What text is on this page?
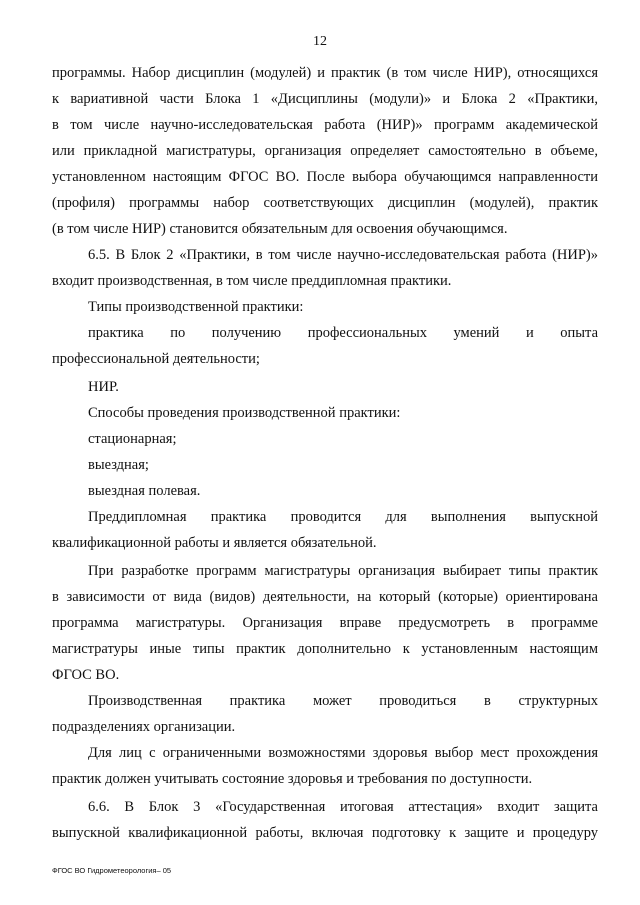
12
программы. Набор дисциплин (модулей) и практик (в том числе НИР), относящихся
к вариативной части Блока 1 «Дисциплины (модули)» и Блока 2 «Практики,
в том числе научно-исследовательская работа (НИР)» программ академической
или прикладной магистратуры, организация определяет самостоятельно в объеме,
установленном настоящим ФГОС ВО. После выбора обучающимся направленности
(профиля) программы набор соответствующих дисциплин (модулей), практик
(в том числе НИР) становится обязательным для освоения обучающимся.
6.5. В Блок 2 «Практики, в том числе научно-исследовательская работа (НИР)»
входит производственная, в том числе преддипломная практики.
Типы производственной практики:
практика по получению профессиональных умений и опыта
профессиональной деятельности;
НИР.
Способы проведения производственной практики:
стационарная;
выездная;
выездная полевая.
Преддипломная практика проводится для выполнения выпускной
квалификационной работы и является обязательной.
При разработке программ магистратуры организация выбирает типы практик
в зависимости от вида (видов) деятельности, на который (которые) ориентирована
программа магистратуры. Организация вправе предусмотреть в программе
магистратуры иные типы практик дополнительно к установленным настоящим
ФГОС ВО.
Производственная практика может проводиться в структурных
подразделениях организации.
Для лиц с ограниченными возможностями здоровья выбор мест прохождения
практик должен учитывать состояние здоровья и требования по доступности.
6.6. В Блок 3 «Государственная итоговая аттестация» входит защита
выпускной квалификационной работы, включая подготовку к защите и процедуру
ФГОС ВО Гидрометеорология– 05
